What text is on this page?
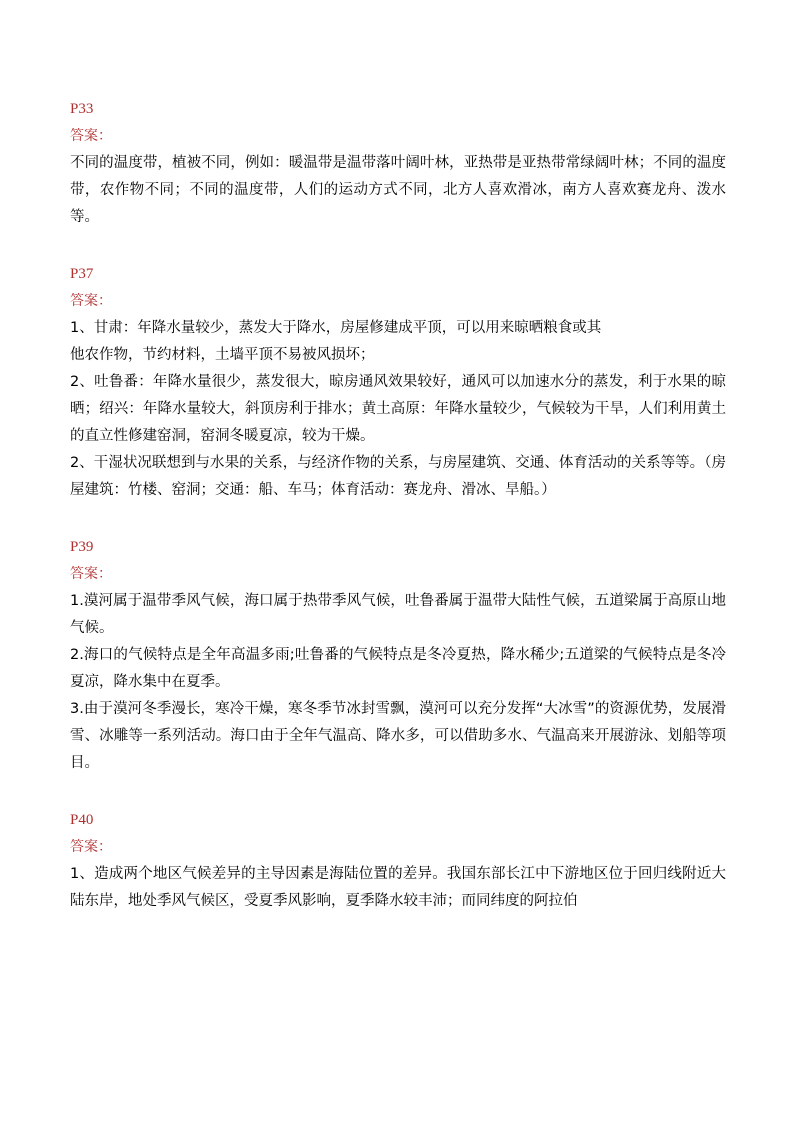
P33
答案：
不同的温度带，植被不同，例如：暖温带是温带落叶阔叶林，亚热带是亚热带常绿阔叶林；不同的温度带，农作物不同；不同的温度带，人们的运动方式不同，北方人喜欢滑冰，南方人喜欢赛龙舟、泼水等。
P37
答案：
1、甘肃：年降水量较少，蒸发大于降水，房屋修建成平顶，可以用来晾晒粮食或其
他农作物，节约材料，土墙平顶不易被风损坏；
2、吐鲁番：年降水量很少，蒸发很大，晾房通风效果较好，通风可以加速水分的蒸发，利于水果的晾晒；绍兴：年降水量较大，斜顶房利于排水；黄土高原：年降水量较少，气候较为干旱，人们利用黄土的直立性修建窑洞，窑洞冬暖夏凉，较为干燥。
2、干湿状况联想到与水果的关系，与经济作物的关系，与房屋建筑、交通、体育活动的关系等等。（房屋建筑：竹楼、窑洞；交通：船、车马；体育活动：赛龙舟、滑冰、旱船。）
P39
答案：
1.漠河属于温带季风气候，海口属于热带季风气候，吐鲁番属于温带大陆性气候，五道梁属于高原山地气候。
2.海口的气候特点是全年高温多雨;吐鲁番的气候特点是冬冷夏热，降水稀少;五道梁的气候特点是冬冷夏凉，降水集中在夏季。
3.由于漠河冬季漫长，寒冷干燥，寒冬季节冰封雪飘，漠河可以充分发挥“大冰雪”的资源优势，发展滑雪、冰雕等一系列活动。海口由于全年气温高、降水多，可以借助多水、气温高来开展游泳、划船等项目。
P40
答案：
1、造成两个地区气候差异的主导因素是海陆位置的差异。我国东部长江中下游地区位于回归线附近大陆东岸，地处季风气候区，受夏季风影响，夏季降水较丰沛；而同纬度的阿拉伯
